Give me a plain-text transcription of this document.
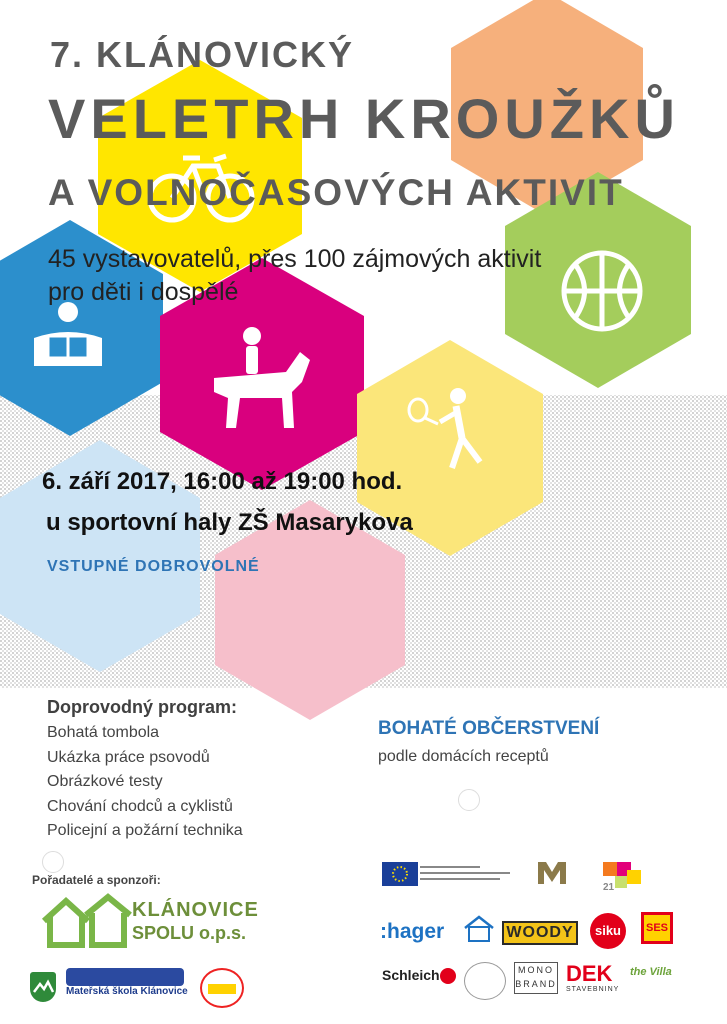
7. KLÁNOVICKÝ
VELETRH KROUŽKŮ
A VOLNOČASOVÝCH AKTIVIT
45 vystavovatelů, přes 100 zájmových aktivit
pro děti i dospělé
6. září 2017, 16:00 až 19:00 hod.
u sportovní haly ZŠ Masarykova
VSTUPNÉ DOBROVOLNÉ
Doprovodný program:
Bohatá tombola
Ukázka práce psovodů
Obrázkové testy
Chování chodců a cyklistů
Policejní a požární technika
BOHATÉ OBČERSTVENÍ
podle domácích receptů
Pořadatelé a sponzoři:
KLÁNOVICE
SPOLU o.p.s.
Mateřská škola Klánovice
21
:hager	WOODY	siku	SES
Schleich	MONO
BRAND DEK
STAVEBNINY
the Villa
